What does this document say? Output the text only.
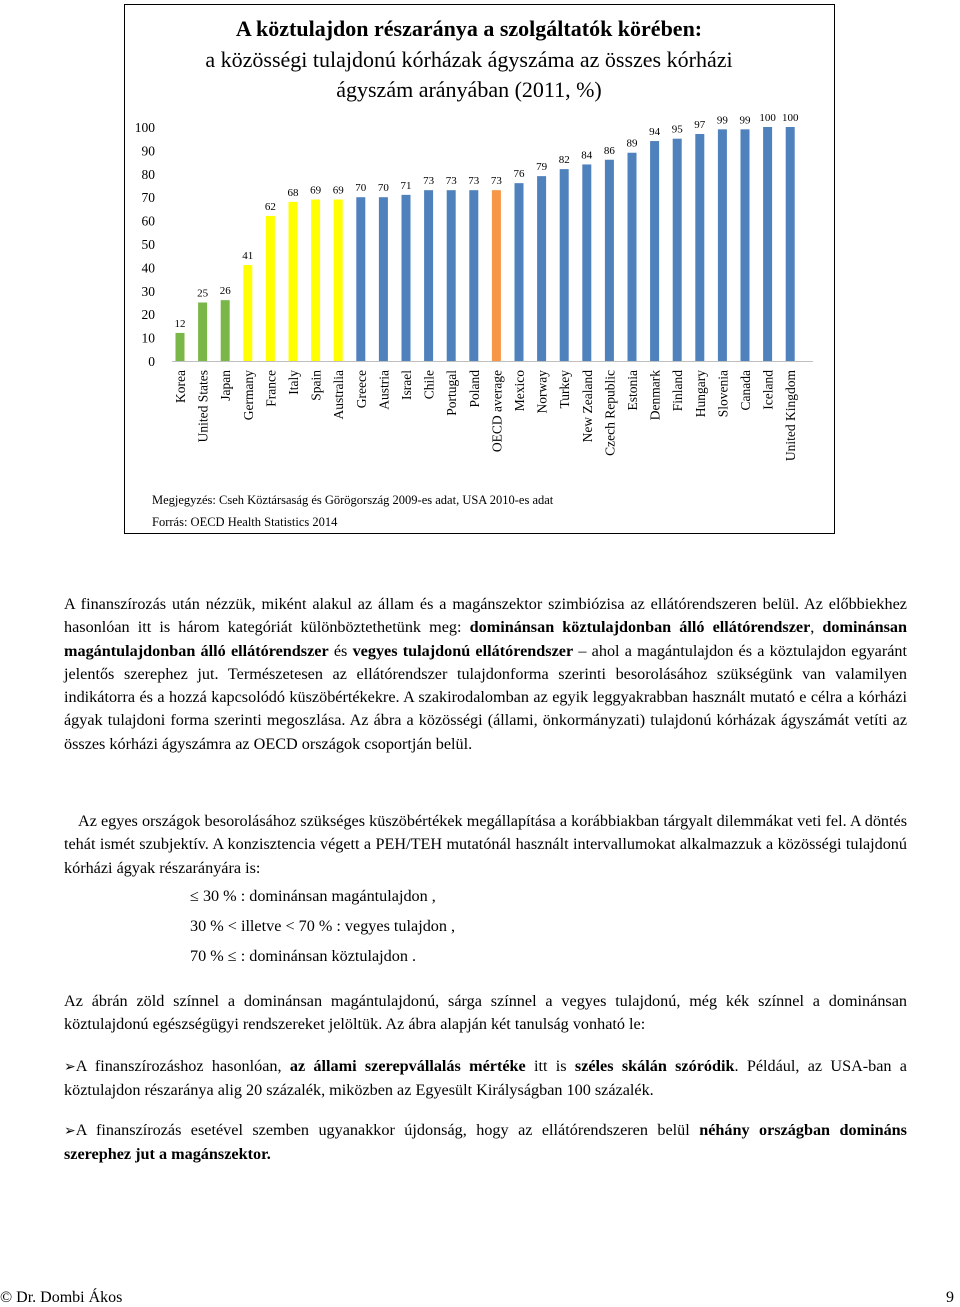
A köztulajdon részaránya a szolgáltatók körében:
a közösségi tulajdonú kórházak ágyszáma az összes kórházi
ágyszám arányában (2011, %)
0
10
20
30
40
50
60
70
80
90
100
12
25 26
41
62
68 69 69 70 70 71 73 73 73 73
76
79
82 84 86
89
94 95 97 99 99 100 100
Korea United States Japan Germany France Italy Spain Australia Greece Austria Israel Chile Portugal Poland OECD average Mexico Norway Turkey New Zealand Czech Republic Estonia Denmark Finland Hungary Slovenia Canada Iceland United Kingdom
Megjegyzés: Cseh Köztársaság és Görögország 2009-es adat, USA 2010-es adat
Forrás: OECD Health Statistics 2014
A finanszírozás után nézzük, miként alakul az állam és a magánszektor szimbiózisa az ellátórendszeren belül. Az előbbiekhez hasonlóan itt is három kategóriát különböztethetünk meg: dominánsan köztulajdonban álló ellátórendszer, dominánsan magántulajdonban álló ellátórendszer és vegyes tulajdonú ellátórendszer – ahol a magántulajdon és a köztulajdon egyaránt jelentős szerephez jut. Természetesen az ellátórendszer tulajdonforma szerinti besorolásához szükségünk van valamilyen indikátorra és a hozzá kapcsolódó küszöbértékekre. A szakirodalomban az egyik leggyakrabban használt mutató e célra a kórházi ágyak tulajdoni forma szerinti megoszlása. Az ábra a közösségi (állami, önkormányzati) tulajdonú kórházak ágyszámát vetíti az összes kórházi ágyszámra az OECD országok csoportján belül.
Az egyes országok besorolásához szükséges küszöbértékek megállapítása a korábbiakban tárgyalt dilemmákat veti fel. A döntés tehát ismét szubjektív. A konzisztencia végett a PEH/TEH mutatónál használt intervallumokat alkalmazzuk a közösségi tulajdonú kórházi ágyak részarányára is:
≤ 30 % : dominánsan magántulajdon ,
30 % < illetve < 70 % : vegyes tulajdon ,
70 % ≤ : dominánsan köztulajdon .
Az ábrán zöld színnel a dominánsan magántulajdonú, sárga színnel a vegyes tulajdonú, még kék színnel a dominánsan köztulajdonú egészségügyi rendszereket jelöltük. Az ábra alapján két tanulság vonható le:
➢A finanszírozáshoz hasonlóan, az állami szerepvállalás mértéke itt is széles skálán szóródik. Például, az USA-ban a köztulajdon részaránya alig 20 százalék, miközben az Egyesült Királyságban 100 százalék.
➢A finanszírozás esetével szemben ugyanakkor újdonság, hogy az ellátórendszeren belül néhány országban domináns szerephez jut a magánszektor.
© Dr. Dombi Ákos	9
